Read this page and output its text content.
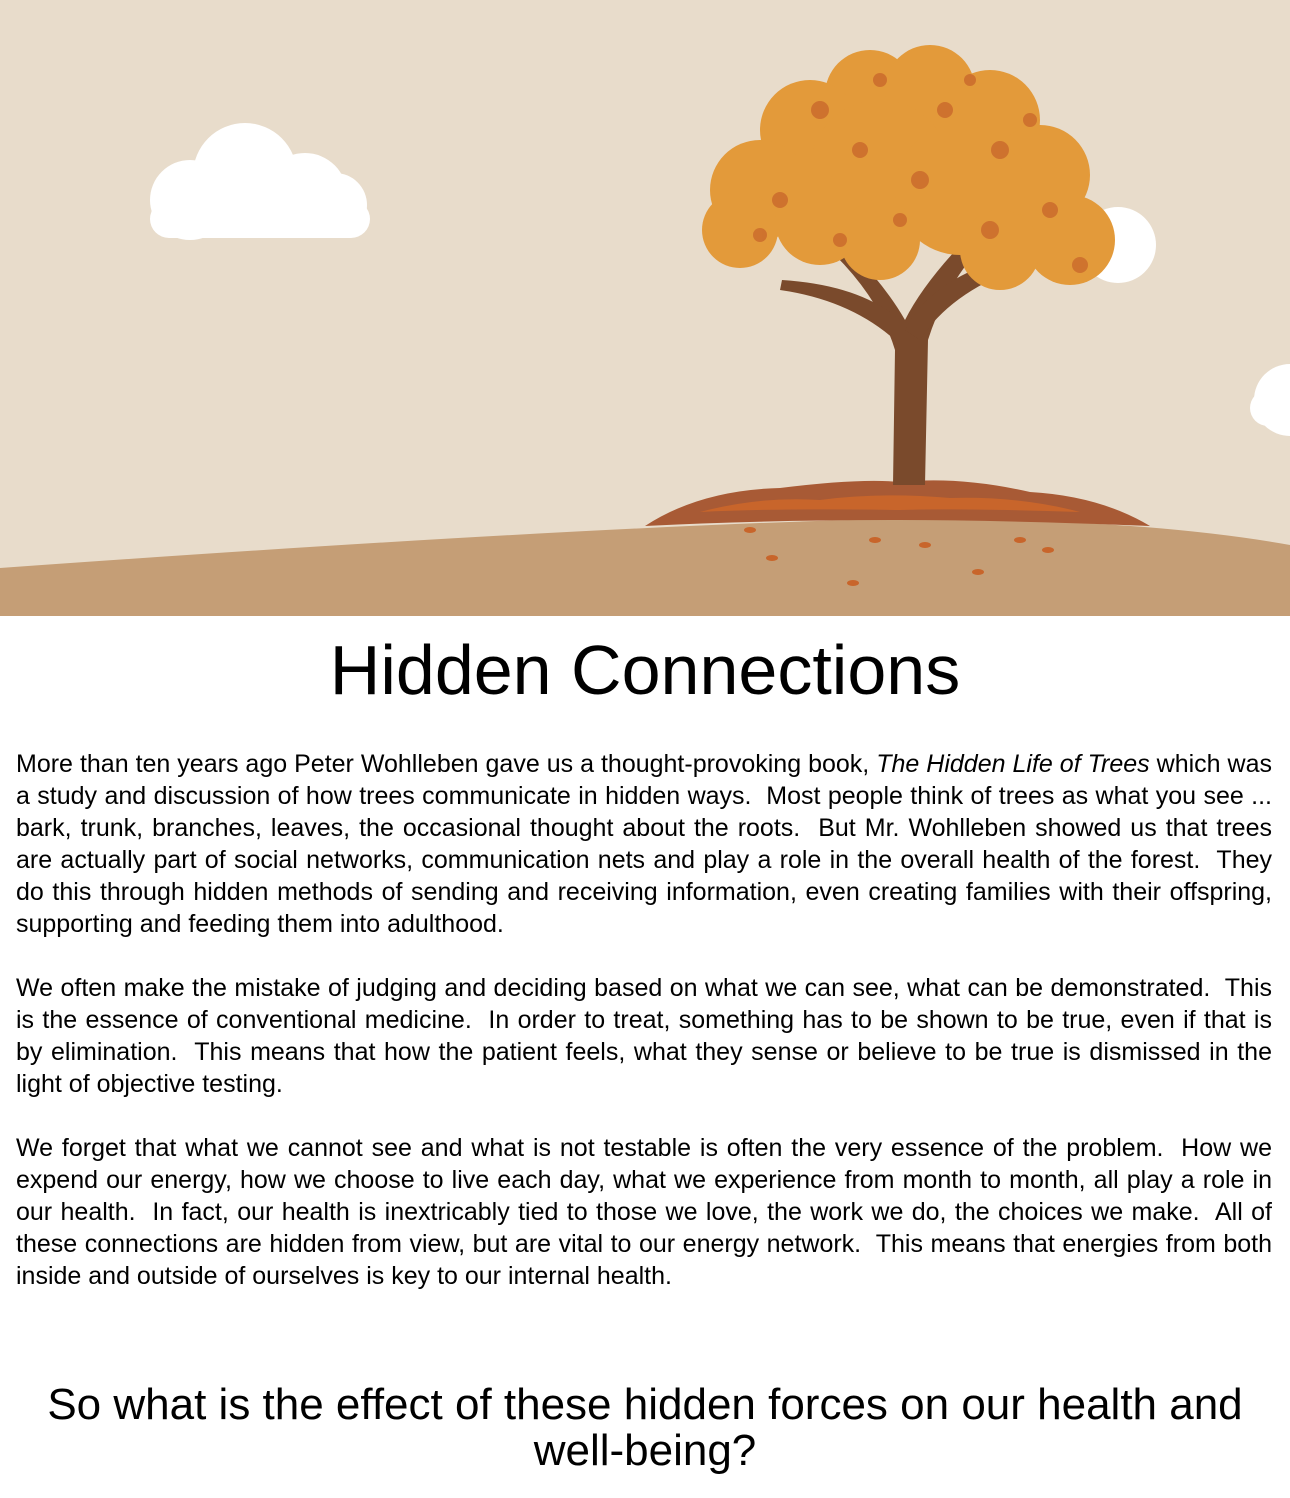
Hidden Connections

More than ten years ago Peter Wohlleben gave us a thought-provoking book, The Hidden Life of Trees which was a study and discussion of how trees communicate in hidden ways.  Most people think of trees as what you see ... bark, trunk, branches, leaves, the occasional thought about the roots.  But Mr. Wohlleben showed us that trees are actually part of social networks, communication nets and play a role in the overall health of the forest.  They do this through hidden methods of sending and receiving information, even creating families with their offspring, supporting and feeding them into adulthood.

We often make the mistake of judging and deciding based on what we can see, what can be demonstrated.  This is the essence of conventional medicine.  In order to treat, something has to be shown to be true, even if that is by elimination.  This means that how the patient feels, what they sense or believe to be true is dismissed in the light of objective testing.

We forget that what we cannot see and what is not testable is often the very essence of the problem.  How we expend our energy, how we choose to live each day, what we experience from month to month, all play a role in our health.  In fact, our health is inextricably tied to those we love, the work we do, the choices we make.  All of these connections are hidden from view, but are vital to our energy network.  This means that energies from both inside and outside of ourselves is key to our internal health.

So what is the effect of these hidden forces on our health and well-being?
